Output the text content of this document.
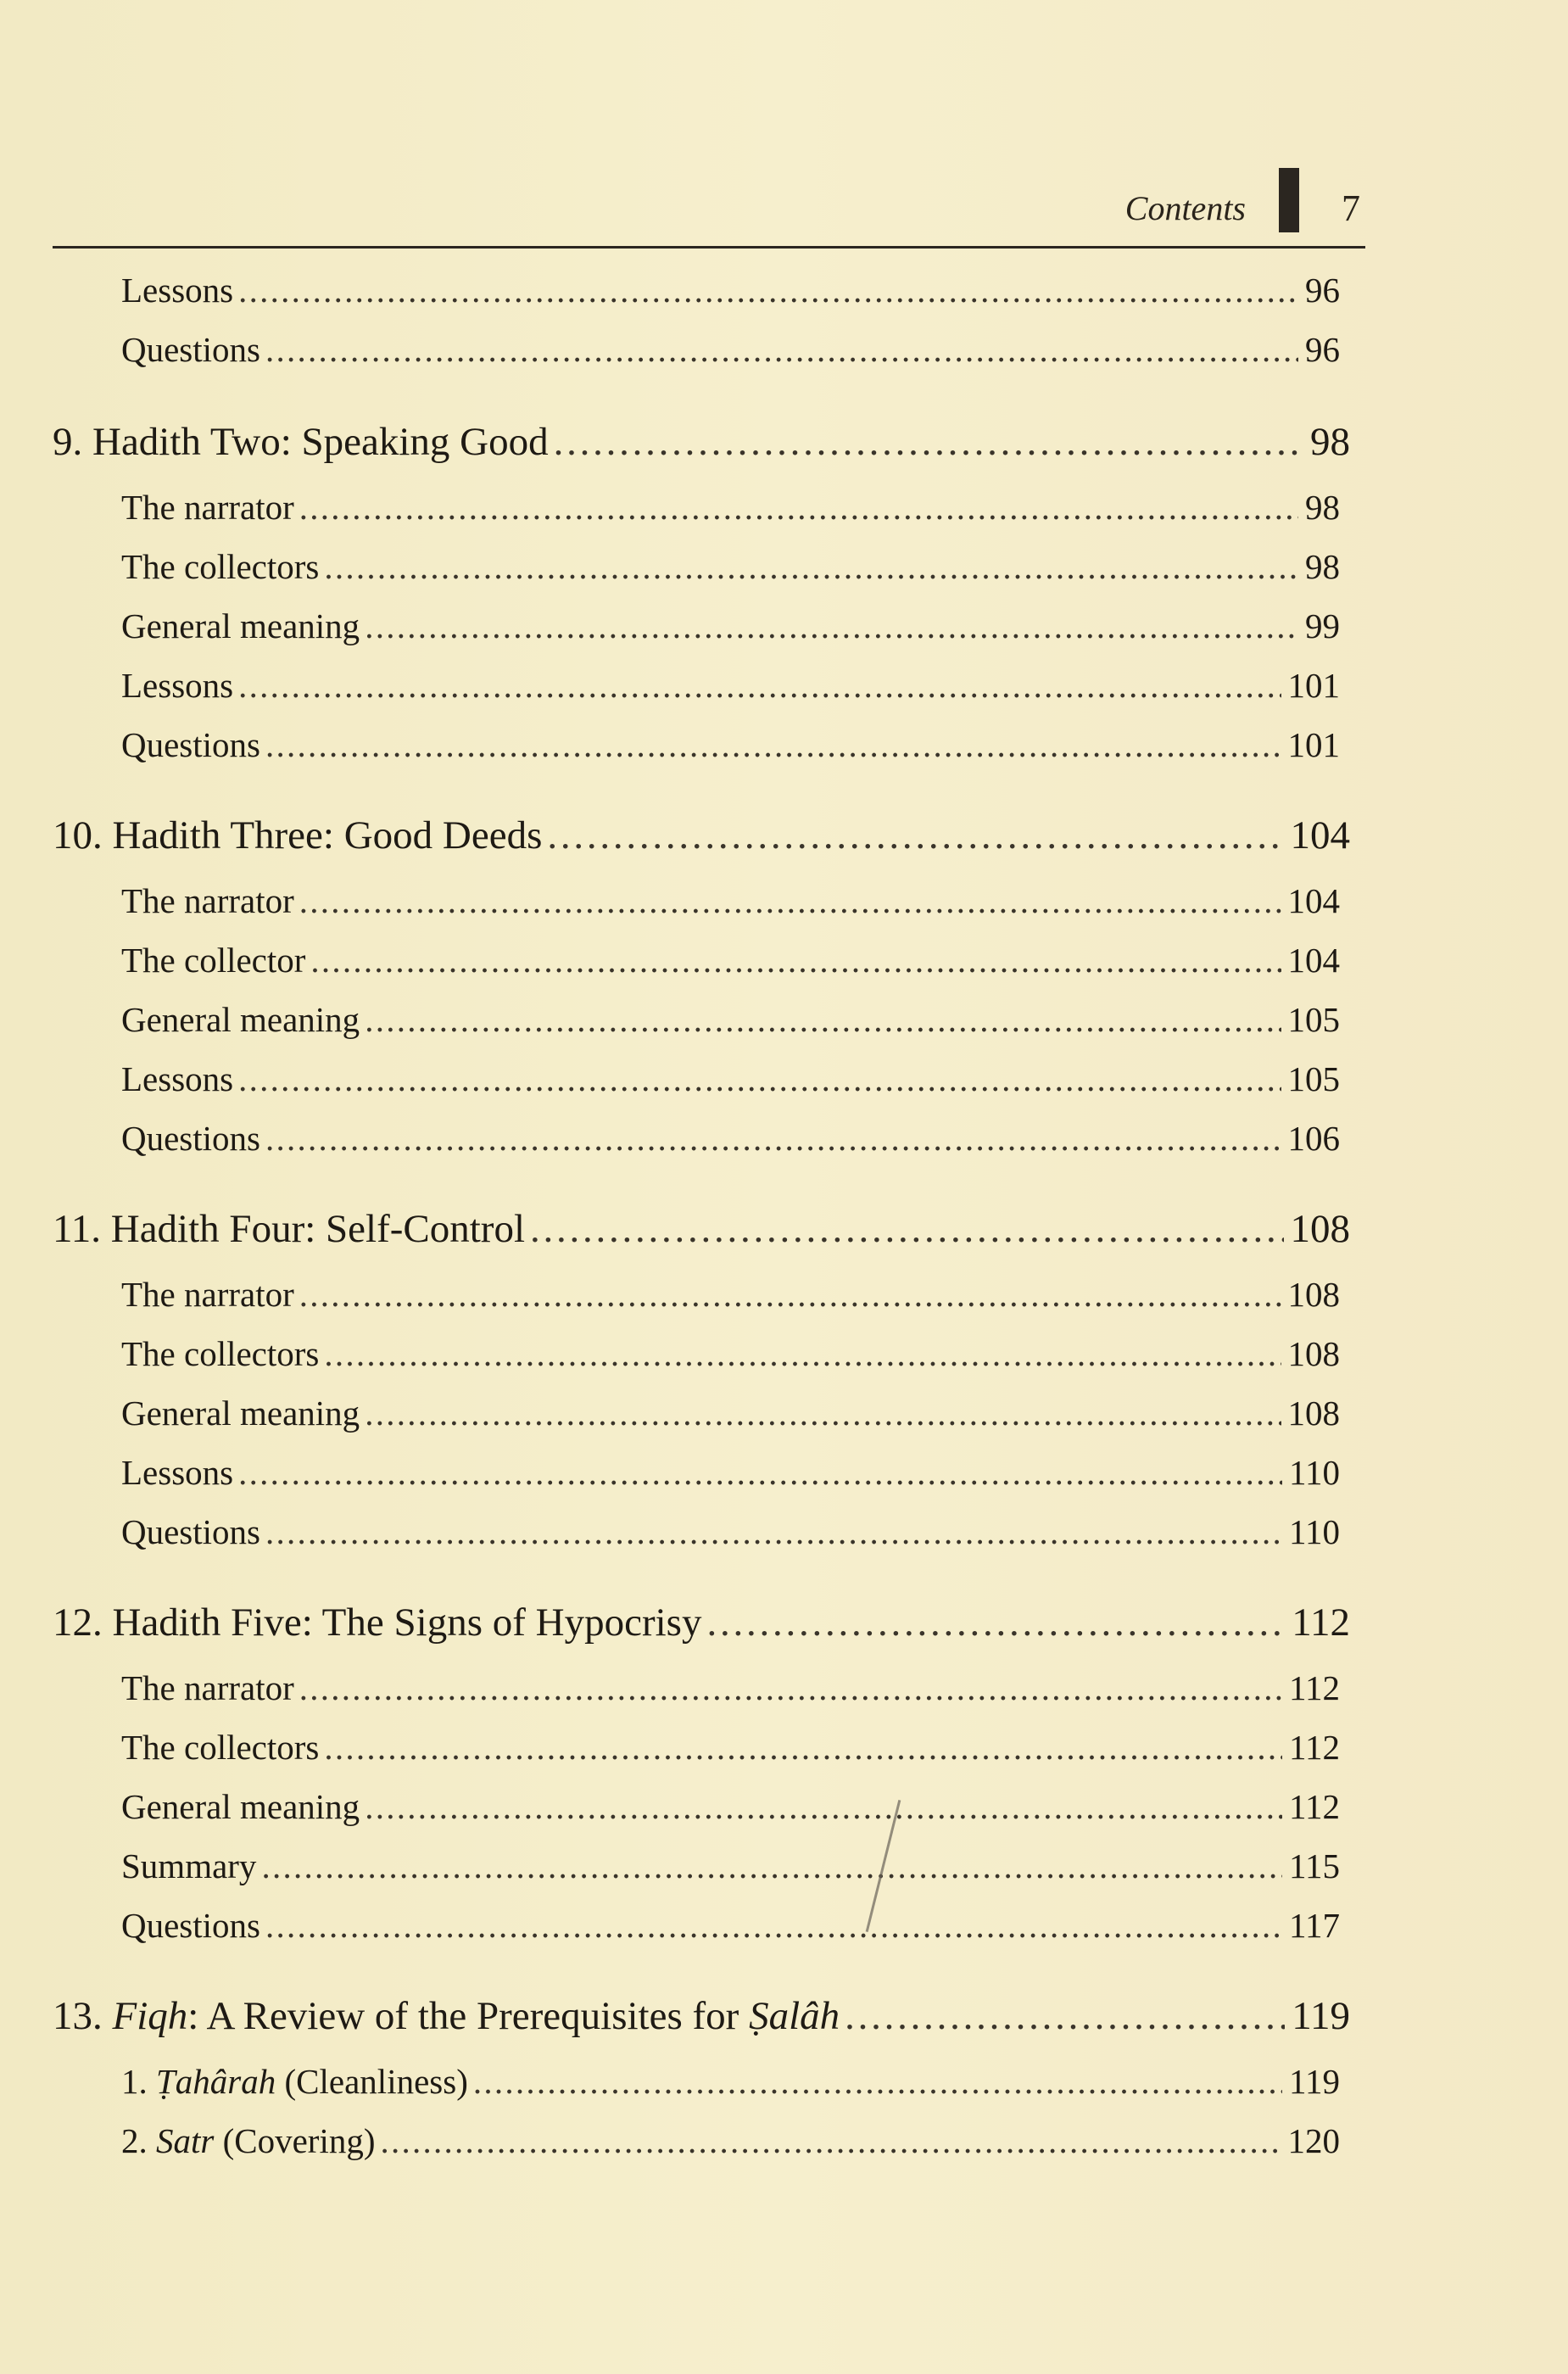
Contents	7
Lessons . . .	96
Questions . . .	96
9. Hadith Two: Speaking Good . . .	98
The narrator . . .	98
The collectors . . .	98
General meaning . . .	99
Lessons . . .	101
Questions . . .	101
10. Hadith Three: Good Deeds . . .	104
The narrator . . .	104
The collector . . .	104
General meaning . . .	105
Lessons . . .	105
Questions . . .	106
11. Hadith Four: Self-Control . . .	108
The narrator . . .	108
The collectors . . .	108
General meaning . . .	108
Lessons . . .	110
Questions . . .	110
12. Hadith Five: The Signs of Hypocrisy . . .	112
The narrator . . .	112
The collectors . . .	112
General meaning . . .	112
Summary . . .	115
Questions . . .	117
13. Fiqh: A Review of the Prerequisites for Ṣalâh . . .	119
1. Ṭahârah (Cleanliness) . . .	119
2. Satr (Covering) . . .	120
